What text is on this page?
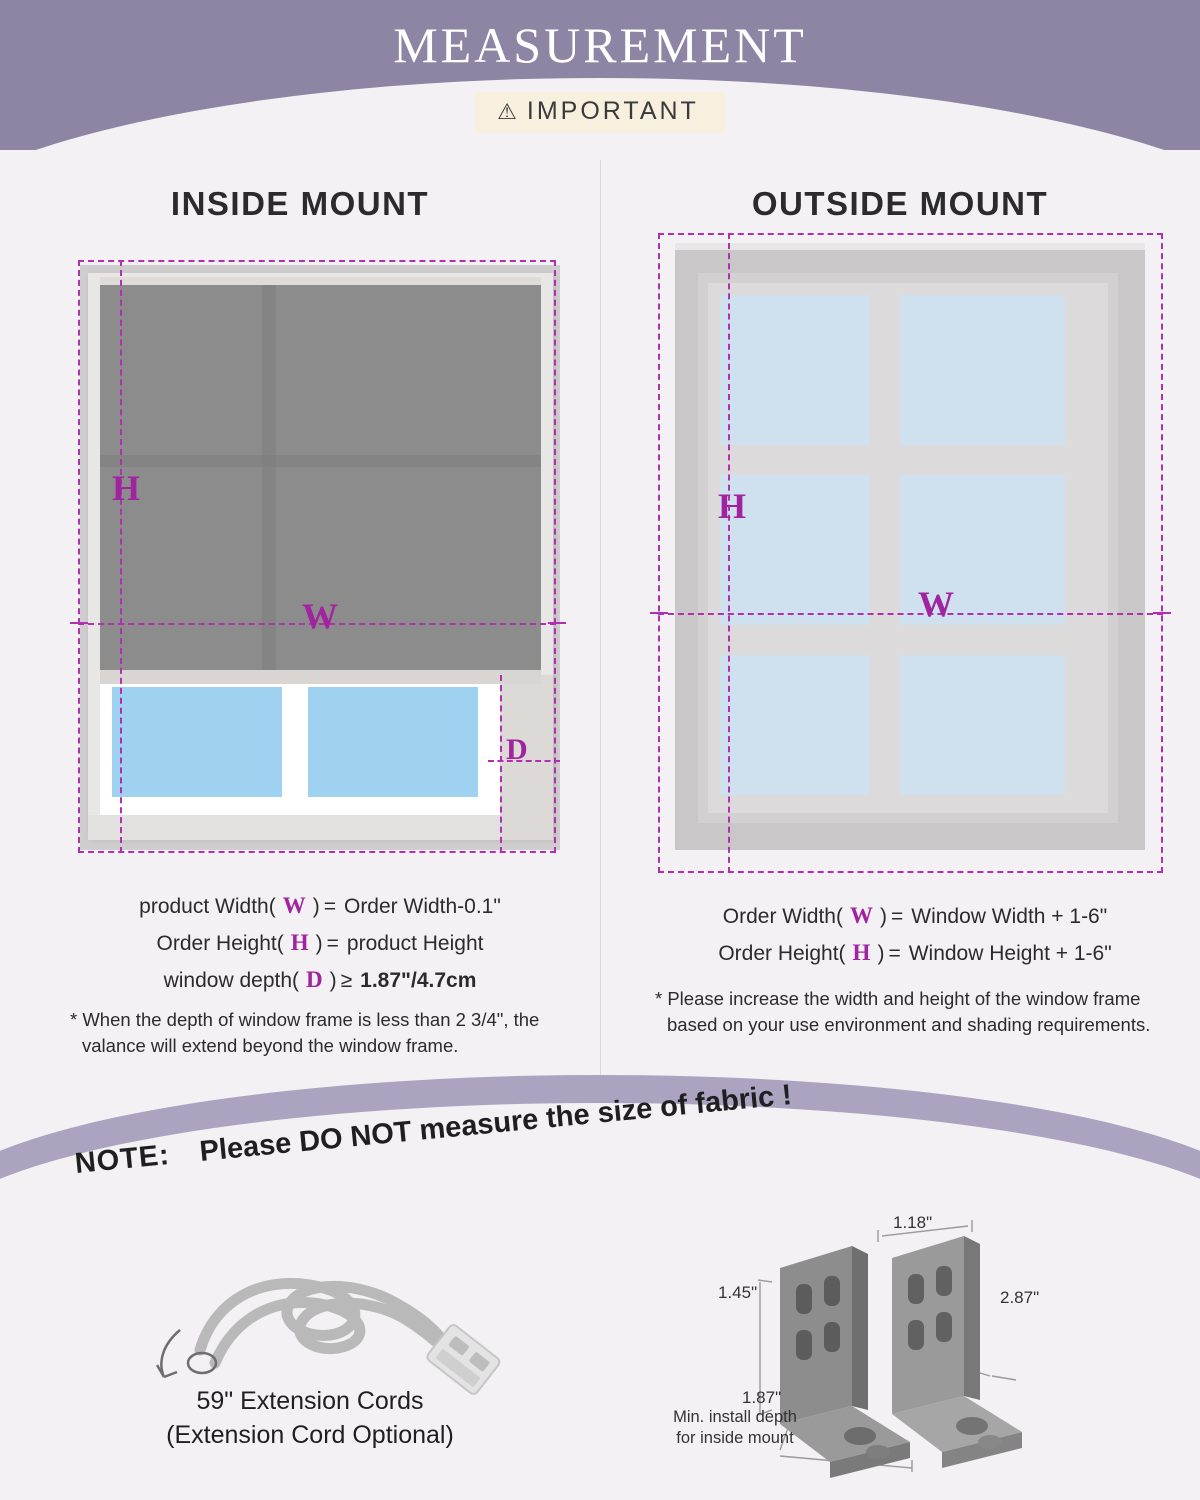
MEASUREMENT
⚠ IMPORTANT
INSIDE MOUNT	OUTSIDE MOUNT
H
W
D
H
W
product Width ( W ) = Order Width-0.1"
Order Height ( H ) = product Height
window depth ( D ) ≥ 1.87"/4.7cm
* When the depth of window frame is less than 2 3/4", the valance will extend beyond the window frame.
Order Width ( W ) = Window Width + 1-6"
Order Height ( H ) = Window Height + 1-6"
* Please increase the width and height of the window frame based on your use environment and shading requirements.
NOTE: Please DO NOT measure the size of fabric !
59" Extension Cords
(Extension Cord Optional)
1.18"
1.45"	2.87"
1.87"
Min. install depth
for inside mount
